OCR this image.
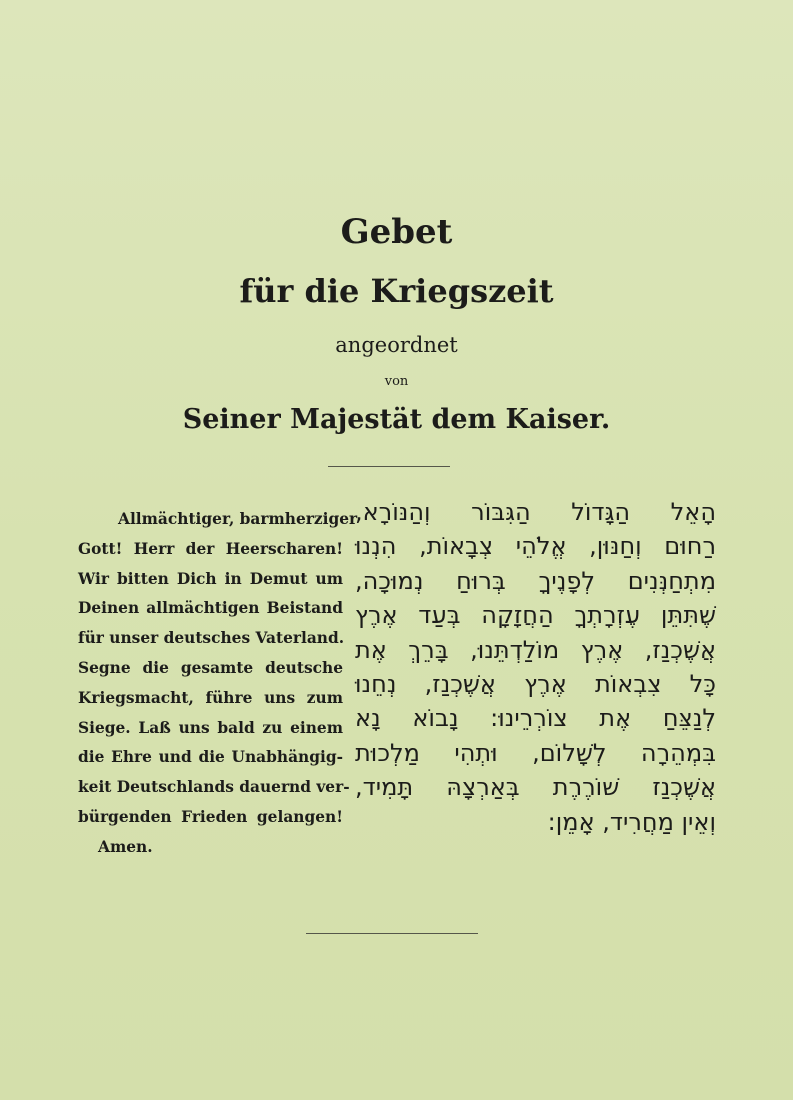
Gebet
für die Kriegszeit
angeordnet
von
Seiner Majestät dem Kaiser.
Allmächtiger, barmherziger
Gott! Herr der Heerscharen!
Wir bitten Dich in Demut um
Deinen allmächtigen Beistand
für unser deutsches Vaterland.
Segne die gesamte deutsche
Kriegsmacht, führe uns zum
Siege. Laß uns bald zu einem
die Ehre und die Unabhängig-
keit Deutschlands dauernd ver-
bürgenden Frieden gelangen!
Amen.
הָאֵל הַגָּדוֹל הַגִּבּוֹר וְהַנּוֹרָא,
רַחוּם וְחַנּוּן, אֱלֹהֵי צְבָאוֹת, הִנְנוּ
מִתְחַנְּנִים לְפָנֶיךָ בְּרוּחַ נְמוּכָה,
שֶׁתִּתֵּן עֶזְרָתְךָ הַחֲזָקָה בְּעַד אֶרֶץ
אֲשֶׁכְנַז, אֶרֶץ מוֹלַדְתֵּנוּ, בָּרֵךְ אֶת
כָּל צִבְאוֹת אֶרֶץ אֲשֶׁכְנַז, נְחֵנוּ
לְנַצֵּחַ אֶת צוֹרְרֵינוּ: נָבוֹא נָא
בִּמְהֵרָה לְשָׁלוֹם, וּתְהִי מַלְכוּת
אֲשֶׁכְנַז שׁוֹרֶרֶת בְּאַרְצָהּ תָּמִיד,
וְאֵין מַחֲרִיד, אָמֵן:
